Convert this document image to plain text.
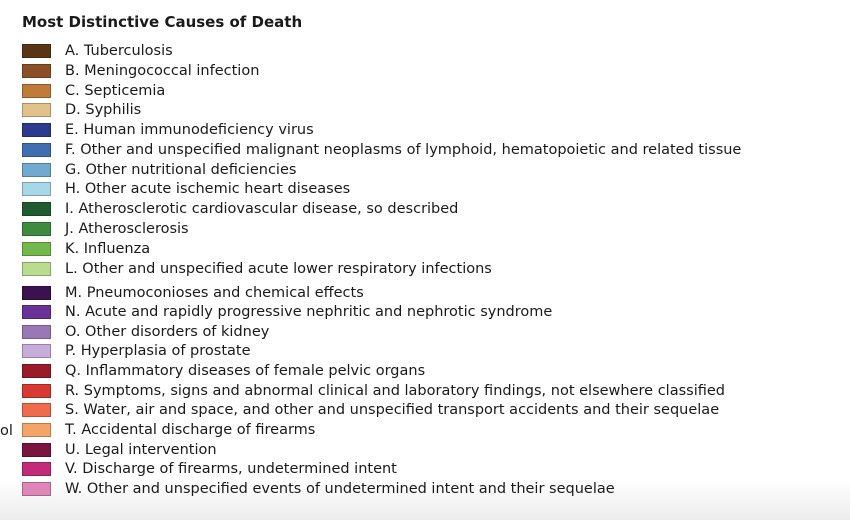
ol
Most Distinctive Causes of Death
A. Tuberculosis
B. Meningococcal infection
C. Septicemia
D. Syphilis
E. Human immunodeficiency virus
F. Other and unspecified malignant neoplasms of lymphoid, hematopoietic and related tissue
G. Other nutritional deficiencies
H. Other acute ischemic heart diseases
I. Atherosclerotic cardiovascular disease, so described
J. Atherosclerosis
K. Influenza
L. Other and unspecified acute lower respiratory infections
M. Pneumoconioses and chemical effects
N. Acute and rapidly progressive nephritic and nephrotic syndrome
O. Other disorders of kidney
P. Hyperplasia of prostate
Q. Inflammatory diseases of female pelvic organs
R. Symptoms, signs and abnormal clinical and laboratory findings, not elsewhere classified
S. Water, air and space, and other and unspecified transport accidents and their sequelae
T. Accidental discharge of firearms
U. Legal intervention
V. Discharge of firearms, undetermined intent
W. Other and unspecified events of undetermined intent and their sequelae
